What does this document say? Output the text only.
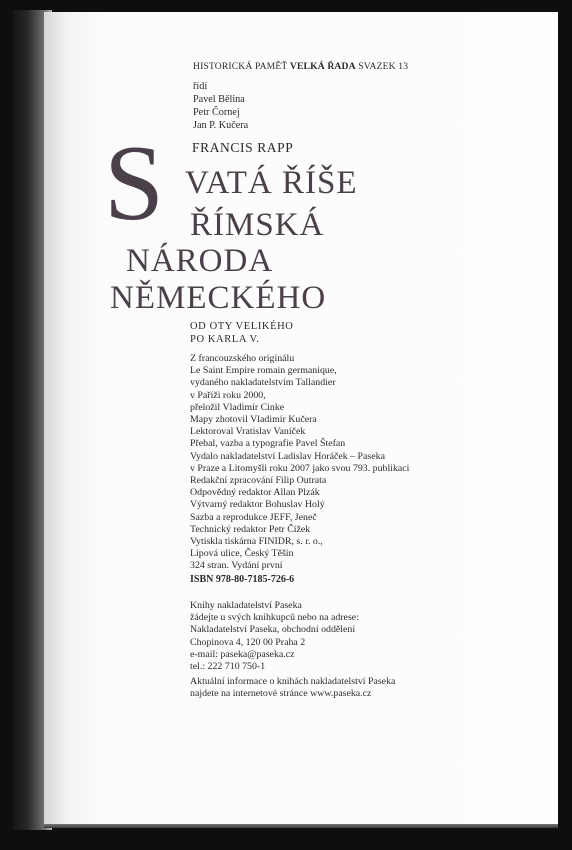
HISTORICKÁ PAMĚŤ VELKÁ ŘADA SVAZEK 13
řídí
Pavel Bělina
Petr Čornej
Jan P. Kučera
FRANCIS RAPP
S VATÁ ŘÍŠE
ŘÍMSKÁ
NÁRODA
NĚMECKÉHO
OD OTY VELIKÉHO
PO KARLA V.
Z francouzského originálu
Le Saint Empire romain germanique,
vydaného nakladatelstvím Tallandier
v Paříži roku 2000,
přeložil Vladimír Cinke
Mapy zhotovil Vladimír Kučera
Lektoroval Vratislav Vaníček
Přebal, vazba a typografie Pavel Štefan
Vydalo nakladatelství Ladislav Horáček – Paseka
v Praze a Litomyšli roku 2007 jako svou 793. publikaci
Redakční zpracování Filip Outrata
Odpovědný redaktor Allan Plzák
Výtvarný redaktor Bohuslav Holý
Sazba a reprodukce JEFF, Jeneč
Technický redaktor Petr Čížek
Vytiskla tiskárna FINIDR, s. r. o.,
Lipová ulice, Český Těšín
324 stran. Vydání první
ISBN 978-80-7185-726-6
Knihy nakladatelství Paseka
žádejte u svých knihkupců nebo na adrese:
Nakladatelství Paseka, obchodní oddělení
Chopinova 4, 120 00 Praha 2
e-mail: paseka@paseka.cz
tel.: 222 710 750-1
Aktuální informace o knihách nakladatelství Paseka
najdete na internetové stránce www.paseka.cz
